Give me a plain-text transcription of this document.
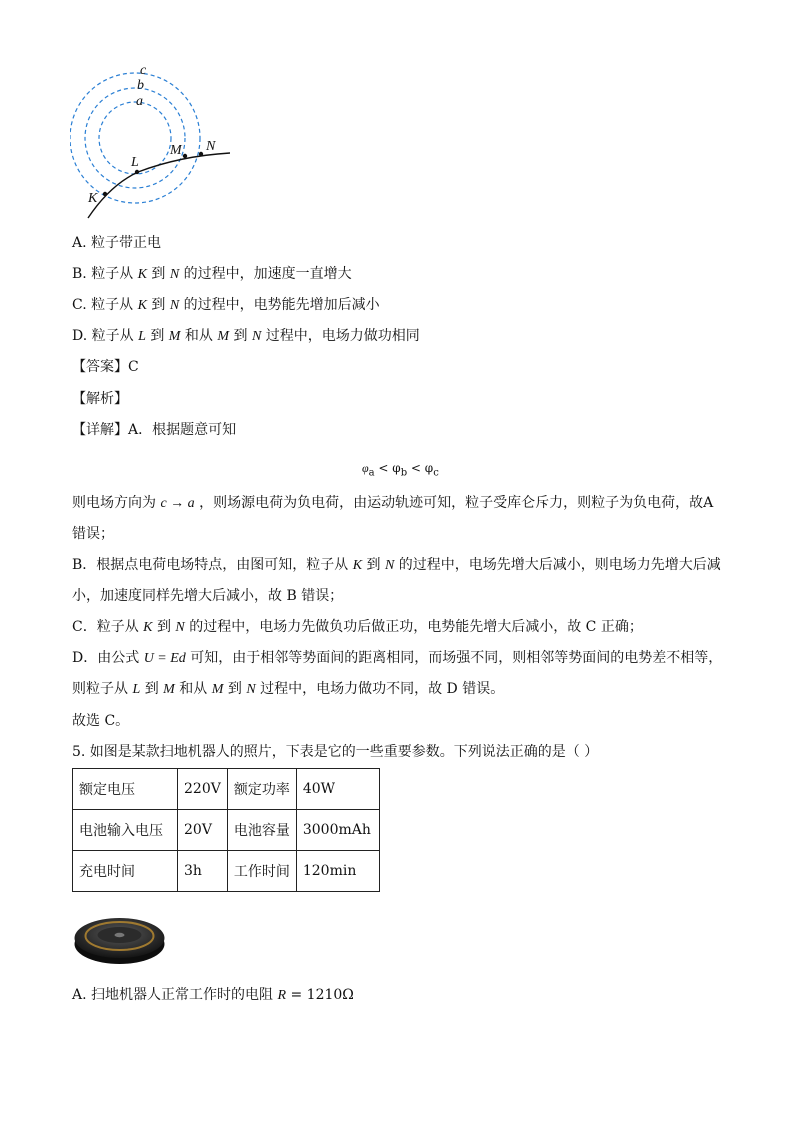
c
b
a
K
L
M N
A. 粒子带正电
B. 粒子从 K 到 N 的过程中，加速度一直增大
C. 粒子从 K 到 N 的过程中，电势能先增加后减小
D. 粒子从 L 到 M 和从 M 到 N 过程中，电场力做功相同
【答案】C
【解析】
【详解】A．根据题意可知
$\varphi_a < \varphi_b < \varphi_c$
则电场方向为 c → a ，则场源电荷为负电荷，由运动轨迹可知，粒子受库仑斥力，则粒子为负电荷，故A
错误；
B．根据点电荷电场特点，由图可知，粒子从 K 到 N 的过程中，电场先增大后减小，则电场力先增大后减
小，加速度同样先增大后减小，故 B 错误；
C．粒子从 K 到 N 的过程中，电场力先做负功后做正功，电势能先增大后减小，故 C 正确；
D．由公式 U = Ed 可知，由于相邻等势面间的距离相同，而场强不同，则相邻等势面间的电势差不相等，
则粒子从 L 到 M 和从 M 到 N 过程中，电场力做功不同，故 D 错误。
故选 C。
5. 如图是某款扫地机器人的照片，下表是它的一些重要参数。下列说法正确的是（ ）
额定电压	220V	额定功率	40W
电池输入电压	20V	电池容量	3000mAh
充电时间	3h	工作时间	120min
A. 扫地机器人正常工作时的电阻 R = 1210Ω
